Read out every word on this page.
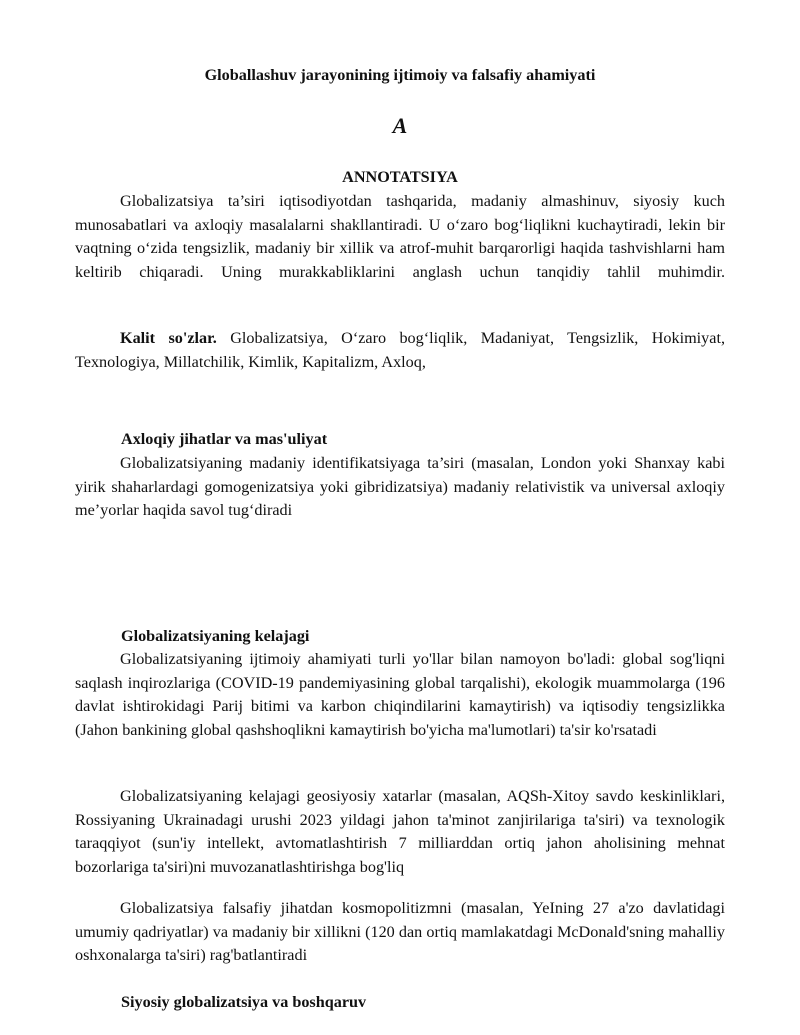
Globallashuv jarayonining ijtimoiy va falsafiy ahamiyati

A

ANNOTATSIYA

Globalizatsiya ta’siri iqtisodiyotdan tashqarida, madaniy almashinuv, siyosiy kuch munosabatlari va axloqiy masalalarni shakllantiradi. U o‘zaro bog‘liqlikni kuchaytiradi, lekin bir vaqtning o‘zida tengsizlik, madaniy bir xillik va atrof-muhit barqarorligi haqida tashvishlarni ham keltirib chiqaradi. Uning murakkabliklarini anglash uchun tanqidiy tahlil muhimdir.

Kalit so'zlar. Globalizatsiya, O‘zaro bog‘liqlik, Madaniyat, Tengsizlik, Hokimiyat, Texnologiya, Millatchilik, Kimlik, Kapitalizm, Axloq,

Axloqiy jihatlar va mas'uliyat

Globalizatsiyaning madaniy identifikatsiyaga ta’siri (masalan, London yoki Shanxay kabi yirik shaharlardagi gomogenizatsiya yoki gibridizatsiya) madaniy relativistik va universal axloqiy me’yorlar haqida savol tug‘diradi

Globalizatsiyaning kelajagi

Globalizatsiyaning ijtimoiy ahamiyati turli yo'llar bilan namoyon bo'ladi: global sog'liqni saqlash inqirozlariga (COVID-19 pandemiyasining global tarqalishi), ekologik muammolarga (196 davlat ishtirokidagi Parij bitimi va karbon chiqindilarini kamaytirish) va iqtisodiy tengsizlikka (Jahon bankining global qashshoqlikni kamaytirish bo'yicha ma'lumotlari) ta'sir ko'rsatadi

Globalizatsiyaning kelajagi geosiyosiy xatarlar (masalan, AQSh-Xitoy savdo keskinliklari, Rossiyaning Ukrainadagi urushi 2023 yildagi jahon ta'minot zanjirilariga ta'siri) va texnologik taraqqiyot (sun'iy intellekt, avtomatlashtirish 7 milliarddan ortiq jahon aholisining mehnat bozorlariga ta'siri)ni muvozanatlashtirishga bog'liq

Globalizatsiya falsafiy jihatdan kosmopolitizmni (masalan, YeIning 27 a'zo davlatidagi umumiy qadriyatlar) va madaniy bir xillikni (120 dan ortiq mamlakatdagi McDonald'sning mahalliy oshxonalarga ta'siri) rag'batlantiradi

Siyosiy globalizatsiya va boshqaruv
